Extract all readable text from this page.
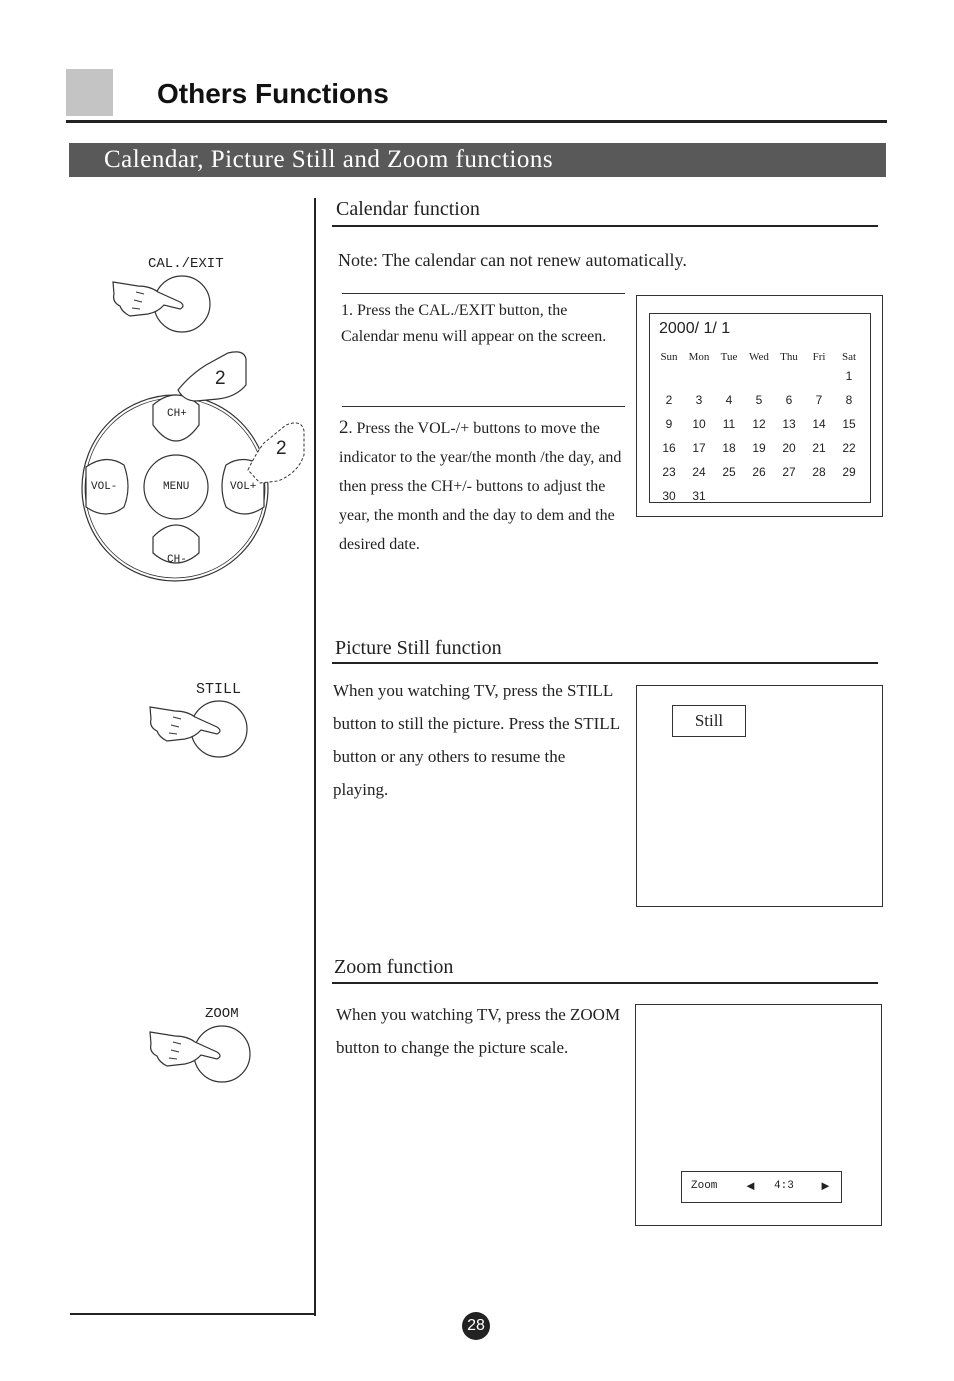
Others Functions
Calendar, Picture Still and Zoom functions
Calendar function
Note: The calendar can not renew automatically.
1. Press the CAL./EXIT button, the Calendar menu will appear on the screen.
2. Press the VOL-/+ buttons to move the indicator to the year/the month /the day, and then press the CH+/- buttons to adjust the year, the month and the day to dem and the desired date.
2000/ 1/ 1
Sun	Mon	Tue	Wed	Thu	Fri	Sat
						1
2	3	4	5	6	7	8
9	10	11	12	13	14	15
16	17	18	19	20	21	22
23	24	25	26	27	28	29
30	31					
CAL./EXIT
2
2
CH+
CH-
VOL-	VOL+
MENU
Picture Still function
When you watching TV, press the STILL button to still the picture. Press the STILL button or any others to resume the playing.
STILL
Still
Zoom function
When you watching TV, press the ZOOM button to change the picture scale.
ZOOM
Zoom ◄ 4:3 ►
28
